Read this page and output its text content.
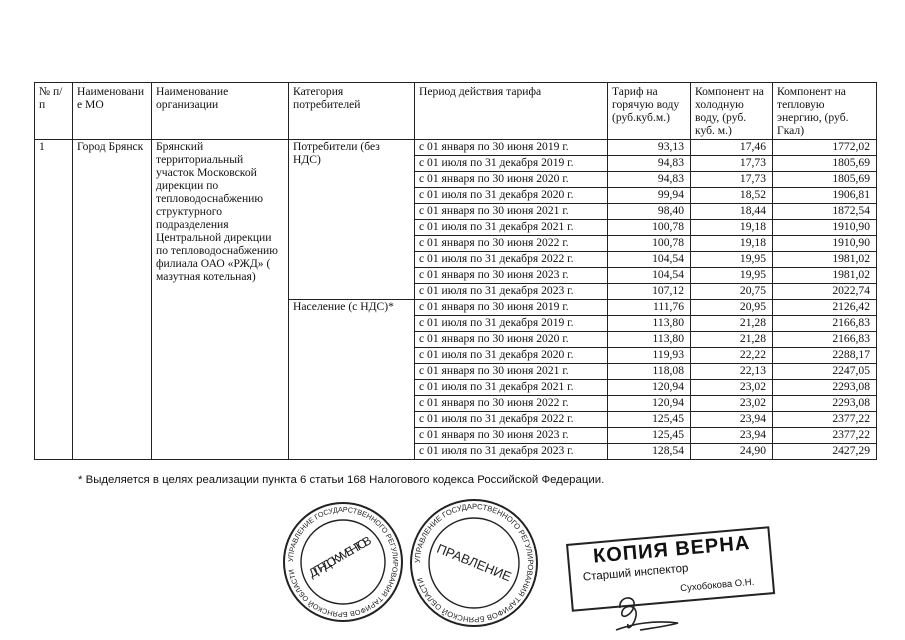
№ п/п	Наименовани е МО	Наименование организации	Категория потребителей	Период действия тарифа	Тариф на горячую воду (руб.куб.м.)	Компонент на холодную воду, (руб. куб. м.)	Компонент на тепловую энергию, (руб. Гкал)
1	Город Брянск	Брянский территориальный участок Московской дирекции по тепловодоснабжению структурного подразделения Центральной дирекции по тепловодоснабжению филиала ОАО «РЖД» ( мазутная котельная)	Потребители (без НДС)	с 01 января по 30 июня 2019 г.	93,13	17,46	1772,02
				с 01 июля по 31 декабря 2019 г.	94,83	17,73	1805,69
				с 01 января по 30 июня 2020 г.	94,83	17,73	1805,69
				с 01 июля по 31 декабря 2020 г.	99,94	18,52	1906,81
				с 01 января по 30 июня 2021 г.	98,40	18,44	1872,54
				с 01 июля по 31 декабря 2021 г.	100,78	19,18	1910,90
				с 01 января по 30 июня 2022 г.	100,78	19,18	1910,90
				с 01 июля по 31 декабря 2022 г.	104,54	19,95	1981,02
				с 01 января по 30 июня 2023 г.	104,54	19,95	1981,02
				с 01 июля по 31 декабря 2023 г.	107,12	20,75	2022,74
			Население (с НДС)*	с 01 января по 30 июня 2019 г.	111,76	20,95	2126,42
				с 01 июля по 31 декабря 2019 г.	113,80	21,28	2166,83
				с 01 января по 30 июня 2020 г.	113,80	21,28	2166,83
				с 01 июля по 31 декабря 2020 г.	119,93	22,22	2288,17
				с 01 января по 30 июня 2021 г.	118,08	22,13	2247,05
				с 01 июля по 31 декабря 2021 г.	120,94	23,02	2293,08
				с 01 января по 30 июня 2022 г.	120,94	23,02	2293,08
				с 01 июля по 31 декабря 2022 г.	125,45	23,94	2377,22
				с 01 января по 30 июня 2023 г.	125,45	23,94	2377,22
				с 01 июля по 31 декабря 2023 г.	128,54	24,90	2427,29
* Выделяется в целях реализации пункта 6 статьи 168 Налогового кодекса Российской Федерации.
УПРАВЛЕНИЕ ГОСУДАРСТВЕННОГО РЕГУЛИРОВАНИЯ ТАРИФОВ БРЯНСКОЙ ОБЛАСТИ ДЛЯ ДОКУМЕНТОВ
УПРАВЛЕНИЕ ГОСУДАРСТВЕННОГО РЕГУЛИРОВАНИЯ ТАРИФОВ БРЯНСКОЙ ОБЛАСТИ ПРАВЛЕНИЕ	КОПИЯ ВЕРНА
Старший инспектор
Сухобокова О.Н.
